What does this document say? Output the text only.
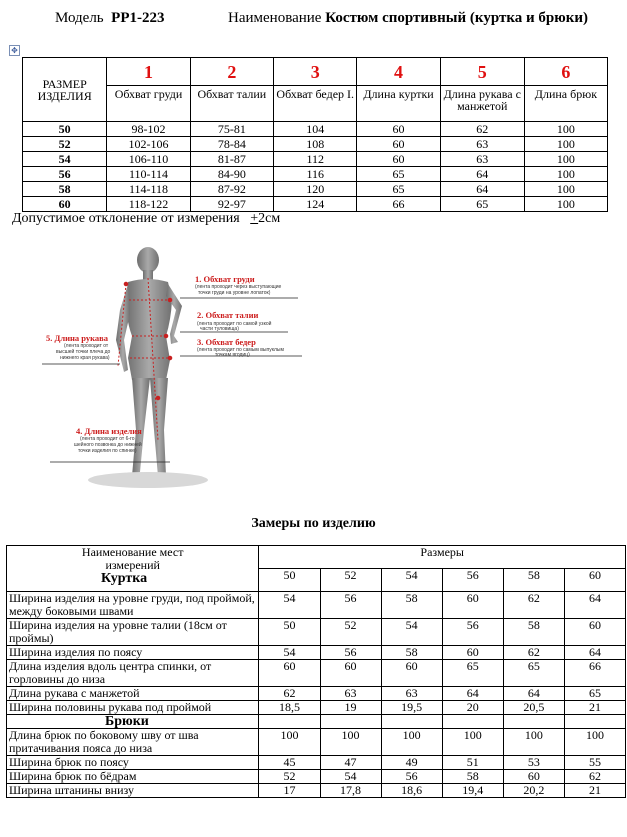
Модель PP1-223	Наименование Костюм спортивный (куртка и брюки)
✥
РАЗМЕР ИЗДЕЛИЯ	1	2	3	4	5	6
	Обхват груди	Обхват талии	Обхват бедер I.	Длина куртки	Длина рукава с манжетой	Длина брюк
50	98-102	75-81	104	60	62	100
52	102-106	78-84	108	60	63	100
54	106-110	81-87	112	60	63	100
56	110-114	84-90	116	65	64	100
58	114-118	87-92	120	65	64	100
60	118-122	92-97	124	66	65	100
Допустимое отклонение от измерения +2см
1. Обхват груди
(лента проходит через выступающие
точки груди на уровне лопаток)
2. Обхват талии
(лента проходит по самой узкой
части туловища)
3. Обхват бедер
(лента проходит по самым выпуклым
точкам ягодиц)
5. Длина рукава
(лента проходит от
высшей точки плеча до
нижнего края рукава)
4. Длина изделия
(лента проходит от 6-го
шейного позвонка до нижней
точки изделия по спинке)
Замеры по изделию
Наименование мест измерений
Куртка	Размеры					
	50	52	54	56	58	60
Ширина изделия на уровне груди, под проймой, между боковыми швами	54	56	58	60	62	64
Ширина изделия на уровне талии (18см от проймы)	50	52	54	56	58	60
Ширина изделия по поясу	54	56	58	60	62	64
Длина изделия вдоль центра спинки, от горловины до низа	60	60	60	65	65	66
Длина рукава с манжетой	62	63	63	64	64	65
Ширина половины рукава под проймой	18,5	19	19,5	20	20,5	21
Брюки						
Длина брюк по боковому шву от шва притачивания пояса до низа	100	100	100	100	100	100
Ширина брюк по поясу	45	47	49	51	53	55
Ширина брюк по бёдрам	52	54	56	58	60	62
Ширина штанины внизу	17	17,8	18,6	19,4	20,2	21
